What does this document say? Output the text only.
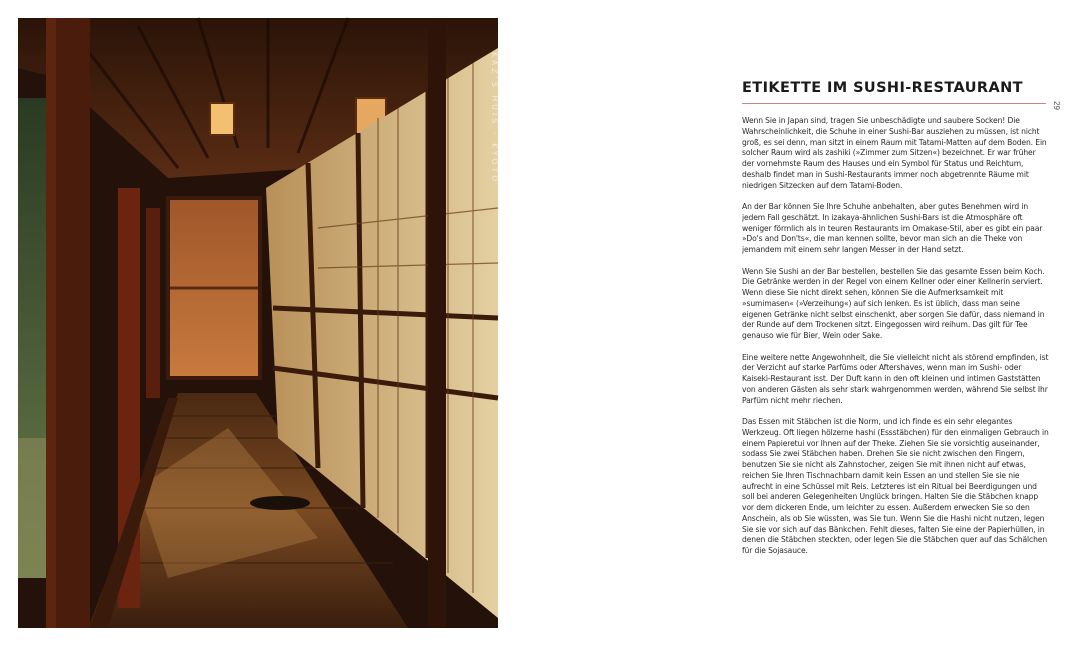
KAZ'S HUIS · KYOTO	ETIKETTE IM SUSHI-RESTAURANT
29

Wenn Sie in Japan sind, tragen Sie unbeschädigte und saubere Socken! Die Wahrscheinlichkeit, die Schuhe in einer Sushi-Bar ausziehen zu müssen, ist nicht groß, es sei denn, man sitzt in einem Raum mit Tatami-Matten auf dem Boden. Ein solcher Raum wird als zashiki (»Zimmer zum Sitzen«) bezeichnet. Er war früher der vornehmste Raum des Hauses und ein Symbol für Status und Reichtum, deshalb findet man in Sushi-Restaurants immer noch abgetrennte Räume mit niedrigen Sitzecken auf dem Tatami-Boden.

An der Bar können Sie Ihre Schuhe anbehalten, aber gutes Benehmen wird in jedem Fall geschätzt. In izakaya-ähnlichen Sushi-Bars ist die Atmosphäre oft weniger förmlich als in teuren Restaurants im Omakase-Stil, aber es gibt ein paar »Do's and Don'ts«, die man kennen sollte, bevor man sich an die Theke von jemandem mit einem sehr langen Messer in der Hand setzt.

Wenn Sie Sushi an der Bar bestellen, bestellen Sie das gesamte Essen beim Koch. Die Getränke werden in der Regel von einem Kellner oder einer Kellnerin serviert. Wenn diese Sie nicht direkt sehen, können Sie die Aufmerksamkeit mit »sumimasen« (»Verzeihung«) auf sich lenken. Es ist üblich, dass man seine eigenen Getränke nicht selbst einschenkt, aber sorgen Sie dafür, dass niemand in der Runde auf dem Trockenen sitzt. Eingegossen wird reihum. Das gilt für Tee genauso wie für Bier, Wein oder Sake.

Eine weitere nette Angewohnheit, die Sie vielleicht nicht als störend empfinden, ist der Verzicht auf starke Parfüms oder Aftershaves, wenn man im Sushi- oder Kaiseki-Restaurant isst. Der Duft kann in den oft kleinen und intimen Gaststätten von anderen Gästen als sehr stark wahrgenommen werden, während Sie selbst Ihr Parfüm nicht mehr riechen.

Das Essen mit Stäbchen ist die Norm, und ich finde es ein sehr elegantes Werkzeug. Oft liegen hölzerne hashi (Essstäbchen) für den einmaligen Gebrauch in einem Papieretui vor Ihnen auf der Theke. Ziehen Sie sie vorsichtig auseinander, sodass Sie zwei Stäbchen haben. Drehen Sie sie nicht zwischen den Fingern, benutzen Sie sie nicht als Zahnstocher, zeigen Sie mit ihnen nicht auf etwas, reichen Sie Ihren Tischnachbarn damit kein Essen an und stellen Sie sie nie aufrecht in eine Schüssel mit Reis. Letzteres ist ein Ritual bei Beerdigungen und soll bei anderen Gelegenheiten Unglück bringen. Halten Sie die Stäbchen knapp vor dem dickeren Ende, um leichter zu essen. Außerdem erwecken Sie so den Anschein, als ob Sie wüssten, was Sie tun. Wenn Sie die Hashi nicht nutzen, legen Sie sie vor sich auf das Bänkchen. Fehlt dieses, falten Sie eine der Papierhüllen, in denen die Stäbchen steckten, oder legen Sie die Stäbchen quer auf das Schälchen für die Sojasauce.
